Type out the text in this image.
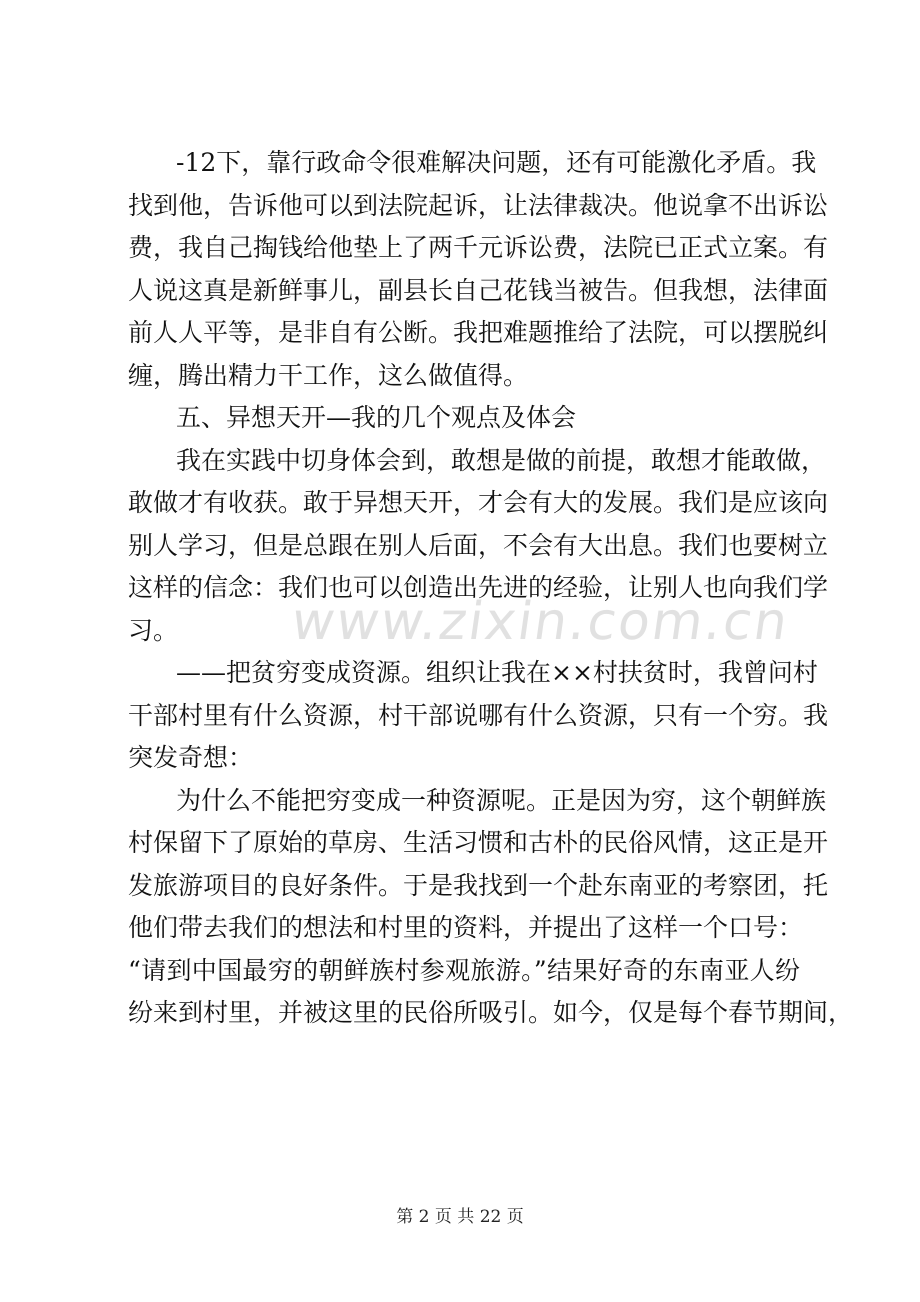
-12下，靠行政命令很难解决问题，还有可能激化矛盾。我
找到他，告诉他可以到法院起诉，让法律裁决。他说拿不出诉讼
费，我自己掏钱给他垫上了两千元诉讼费，法院已正式立案。有
人说这真是新鲜事儿，副县长自己花钱当被告。但我想，法律面
前人人平等，是非自有公断。我把难题推给了法院，可以摆脱纠
缠，腾出精力干工作，这么做值得。
五、异想天开—我的几个观点及体会
我在实践中切身体会到，敢想是做的前提，敢想才能敢做，
敢做才有收获。敢于异想天开，才会有大的发展。我们是应该向
别人学习，但是总跟在别人后面，不会有大出息。我们也要树立
这样的信念：我们也可以创造出先进的经验，让别人也向我们学
习。
——把贫穷变成资源。组织让我在××村扶贫时，我曾问村
干部村里有什么资源，村干部说哪有什么资源，只有一个穷。我
突发奇想：
为什么不能把穷变成一种资源呢。正是因为穷，这个朝鲜族
村保留下了原始的草房、生活习惯和古朴的民俗风情，这正是开
发旅游项目的良好条件。于是我找到一个赴东南亚的考察团，托
他们带去我们的想法和村里的资料，并提出了这样一个口号：
“请到中国最穷的朝鲜族村参观旅游。”结果好奇的东南亚人纷
纷来到村里，并被这里的民俗所吸引。如今，仅是每个春节期间，
www.zixin.com.cn
第 2 页 共 22 页
